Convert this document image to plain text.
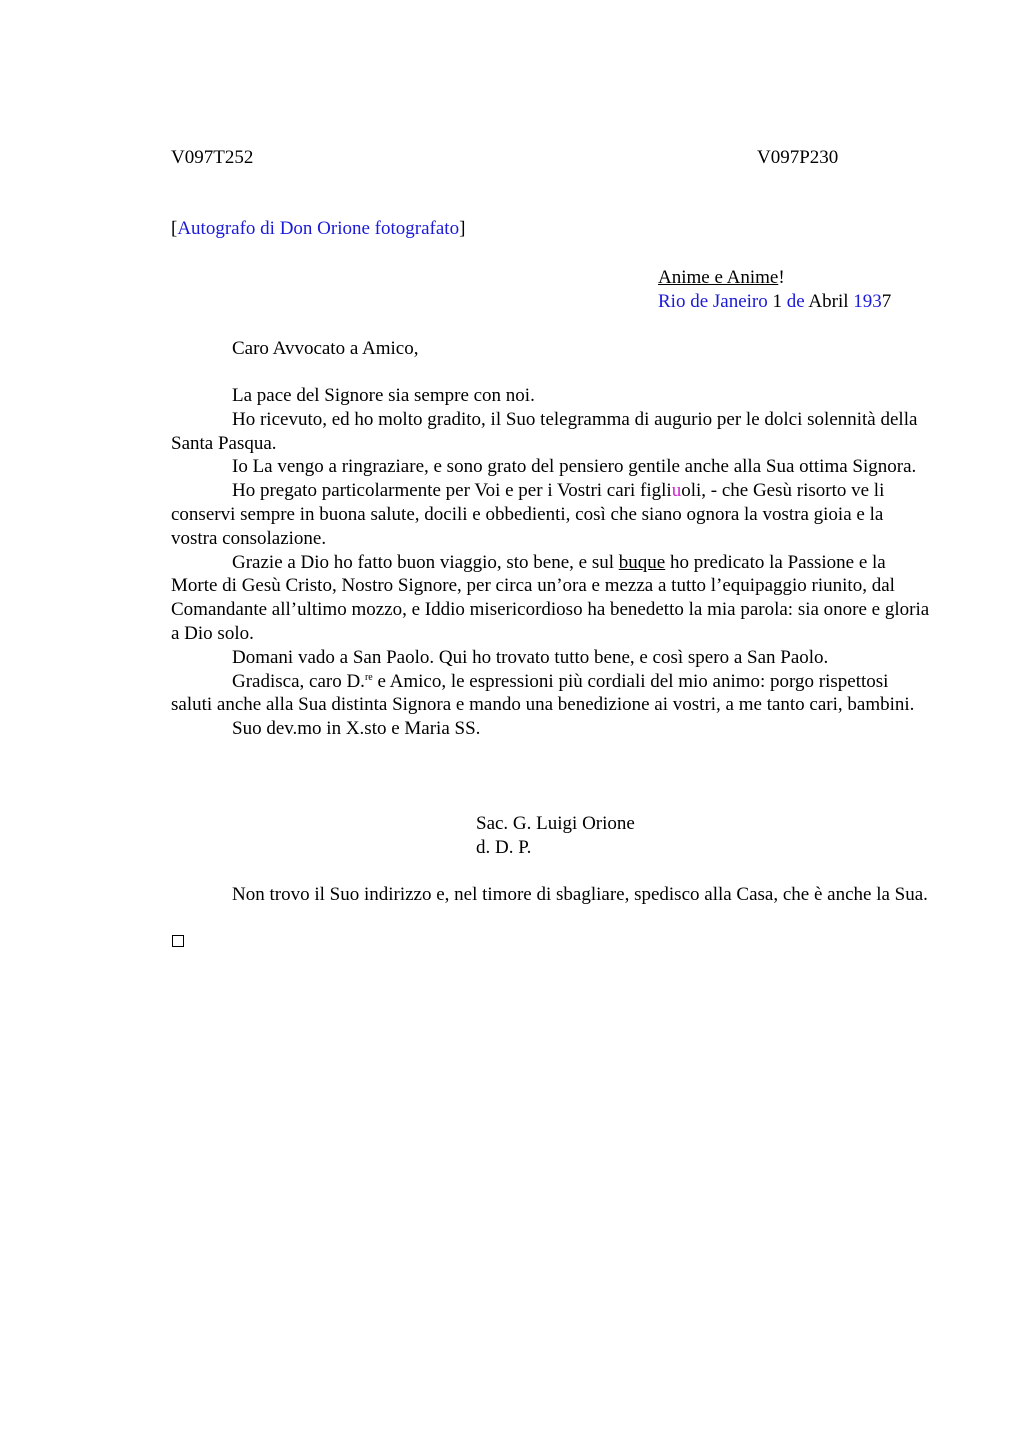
V097T252	V097P230
[Autografo di Don Orione fotografato]
Anime e Anime!
Rio de Janeiro 1 de Abril 1937
Caro Avvocato a Amico,

La pace del Signore sia sempre con noi.

Ho ricevuto, ed ho molto gradito, il Suo telegramma di augurio per le dolci solennità della Santa Pasqua.

Io La vengo a ringraziare, e sono grato del pensiero gentile anche alla Sua ottima Signora.

Ho pregato particolarmente per Voi e per i Vostri cari figliuoli, - che Gesù risorto ve li conservi sempre in buona salute, docili e obbedienti, così che siano ognora la vostra gioia e la vostra consolazione.

Grazie a Dio ho fatto buon viaggio, sto bene, e sul buque ho predicato la Passione e la Morte di Gesù Cristo, Nostro Signore, per circa un’ora e mezza a tutto l’equipaggio riunito, dal Comandante all’ultimo mozzo, e Iddio misericordioso ha benedetto la mia parola: sia onore e gloria a Dio solo.

Domani vado a San Paolo. Qui ho trovato tutto bene, e così spero a San Paolo.

Gradisca, caro D.$^{re}$ e Amico, le espressioni più cordiali del mio animo: porgo rispettosi saluti anche alla Sua distinta Signora e mando una benedizione ai vostri, a me tanto cari, bambini.

Suo dev.mo in X.sto e Maria SS.

Sac. G. Luigi Orione
d. D. P.

Non trovo il Suo indirizzo e, nel timore di sbagliare, spedisco alla Casa, che è anche la Sua.
